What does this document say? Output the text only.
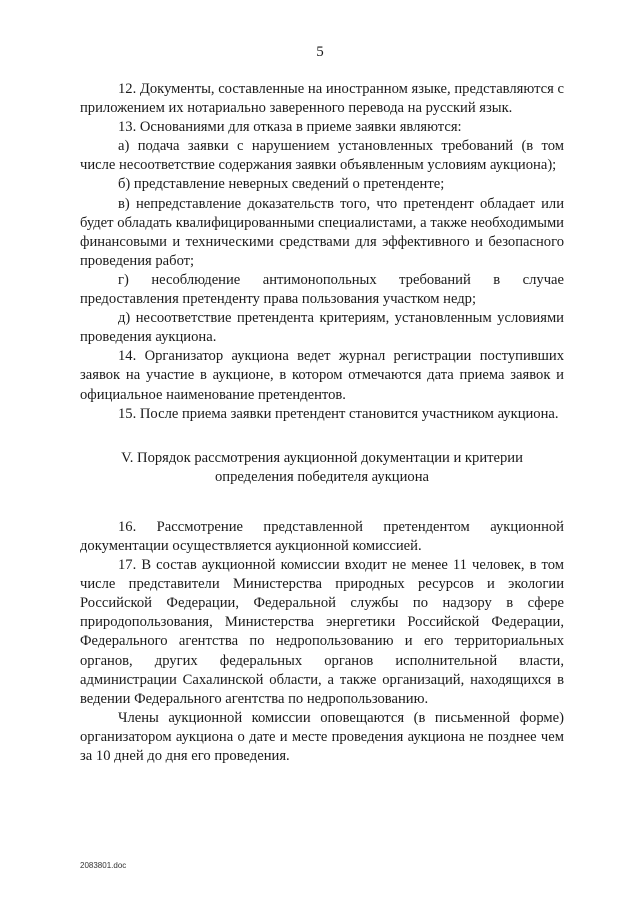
5

12. Документы, составленные на иностранном языке, представляются с приложением их нотариально заверенного перевода на русский язык.

13. Основаниями для отказа в приеме заявки являются:

а) подача заявки с нарушением установленных требований (в том числе несоответствие содержания заявки объявленным условиям аукциона);

б) представление неверных сведений о претенденте;

в) непредставление доказательств того, что претендент обладает или будет обладать квалифицированными специалистами, а также необходимыми финансовыми и техническими средствами для эффективного и безопасного проведения работ;

г) несоблюдение антимонопольных требований в случае предоставления претенденту права пользования участком недр;

д) несоответствие претендента критериям, установленным условиями проведения аукциона.

14. Организатор аукциона ведет журнал регистрации поступивших заявок на участие в аукционе, в котором отмечаются дата приема заявок и официальное наименование претендентов.

15. После приема заявки претендент становится участником аукциона.

V. Порядок рассмотрения аукционной документации и критерии
определения победителя аукциона

16. Рассмотрение представленной претендентом аукционной документации осуществляется аукционной комиссией.

17. В состав аукционной комиссии входит не менее 11 человек, в том числе представители Министерства природных ресурсов и экологии Российской Федерации, Федеральной службы по надзору в сфере природопользования, Министерства энергетики Российской Федерации, Федерального агентства по недропользованию и его территориальных органов, других федеральных органов исполнительной власти, администрации Сахалинской области, а также организаций, находящихся в ведении Федерального агентства по недропользованию.

Члены аукционной комиссии оповещаются (в письменной форме) организатором аукциона о дате и месте проведения аукциона не позднее чем за 10 дней до дня его проведения.

2083801.doc
